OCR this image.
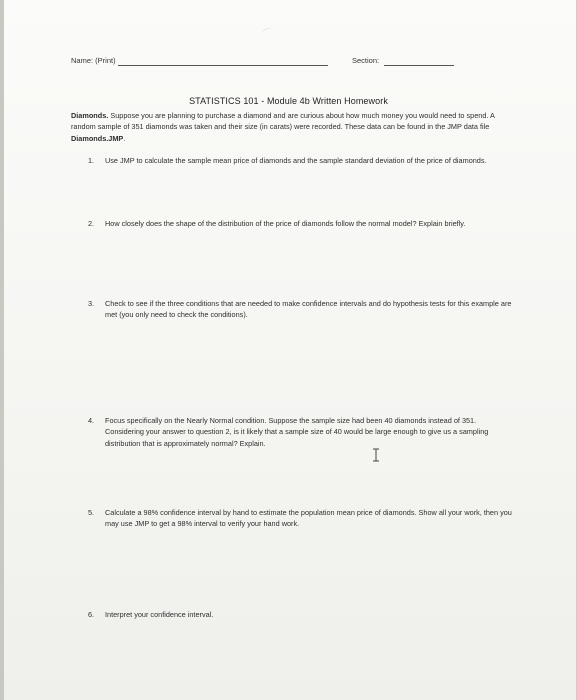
Name: (Print)	Section:
STATISTICS 101 - Module 4b Written Homework
Diamonds. Suppose you are planning to purchase a diamond and are curious about how much money you would need to spend. A random sample of 351 diamonds was taken and their size (in carats) were recorded. These data can be found in the JMP data file Diamonds.JMP.
1.	Use JMP to calculate the sample mean price of diamonds and the sample standard deviation of the price of diamonds.
2.	How closely does the shape of the distribution of the price of diamonds follow the normal model? Explain briefly.
3.	Check to see if the three conditions that are needed to make confidence intervals and do hypothesis tests for this example are met (you only need to check the conditions).
4.	Focus specifically on the Nearly Normal condition. Suppose the sample size had been 40 diamonds instead of 351. Considering your answer to question 2, is it likely that a sample size of 40 would be large enough to give us a sampling distribution that is approximately normal? Explain.
5.	Calculate a 98% confidence interval by hand to estimate the population mean price of diamonds. Show all your work, then you may use JMP to get a 98% interval to verify your hand work.
6.	Interpret your confidence interval.
